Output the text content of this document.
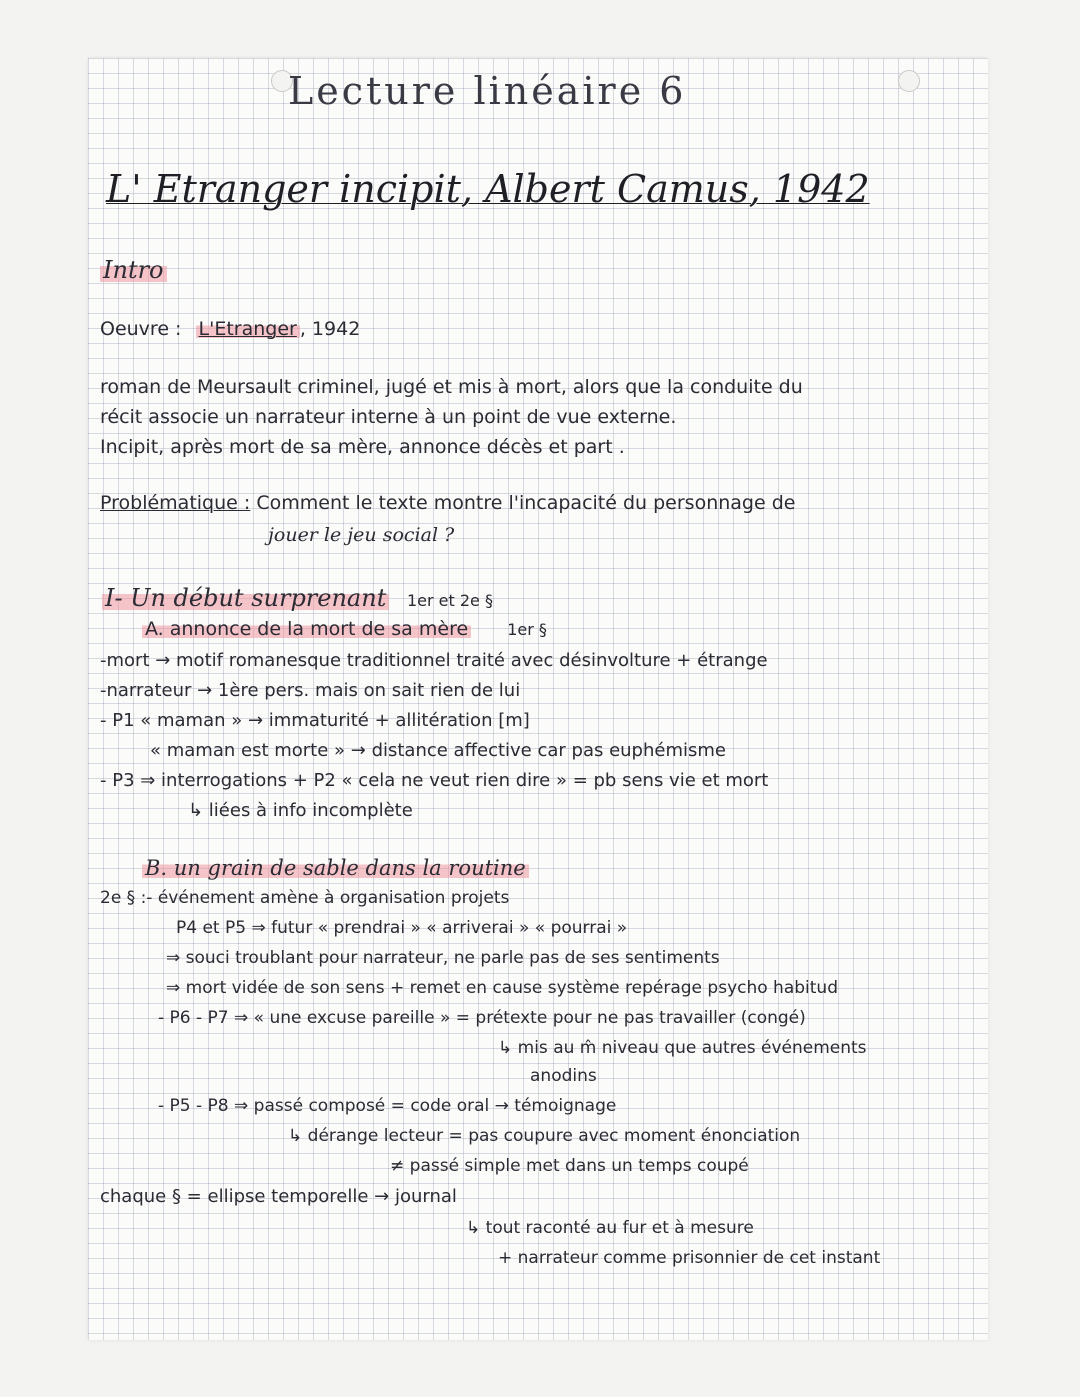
Lecture linéaire 6
L' Etranger incipit, Albert Camus, 1942
Intro
Oeuvre : L'Etranger , 1942
roman de Meursault criminel, jugé et mis à mort, alors que la conduite du
récit associe un narrateur interne à un point de vue externe.
Incipit, après mort de sa mère, annonce décès et part .
Problématique : Comment le texte montre l'incapacité du personnage de
jouer le jeu social ?
I- Un début surprenant 1er et 2e §
A. annonce de la mort de sa mère 1er §
-mort → motif romanesque traditionnel traité avec désinvolture + étrange
-narrateur → 1ère pers. mais on sait rien de lui
- P1 « maman » → immaturité + allitération [m]
« maman est morte » → distance affective car pas euphémisme
- P3 ⇒ interrogations + P2 « cela ne veut rien dire » = pb sens vie et mort
↳ liées à info incomplète
B. un grain de sable dans la routine
2e § :- événement amène à organisation projets
P4 et P5 ⇒ futur « prendrai » « arriverai » « pourrai »
⇒ souci troublant pour narrateur, ne parle pas de ses sentiments
⇒ mort vidée de son sens + remet en cause système repérage psycho habitud
- P6 - P7 ⇒ « une excuse pareille » = prétexte pour ne pas travailler (congé)
↳ mis au m̂ niveau que autres événements
anodins
- P5 - P8 ⇒ passé composé = code oral → témoignage
↳ dérange lecteur = pas coupure avec moment énonciation
≠ passé simple met dans un temps coupé
chaque § = ellipse temporelle → journal
↳ tout raconté au fur et à mesure
+ narrateur comme prisonnier de cet instant
